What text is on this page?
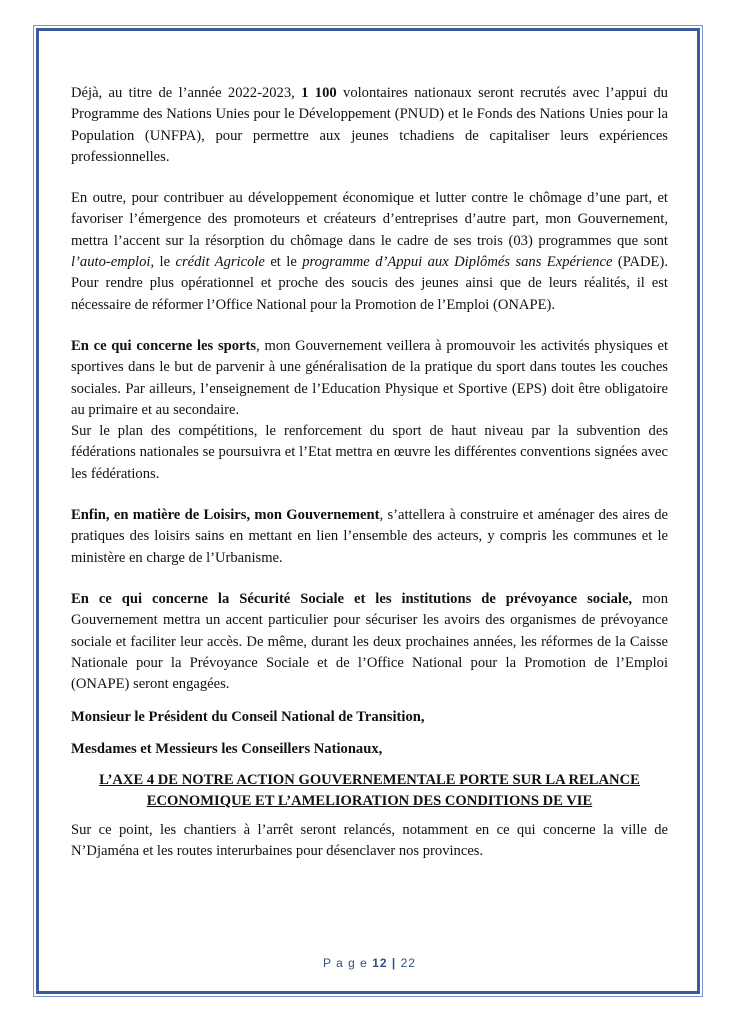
Déjà, au titre de l’année 2022-2023, 1 100 volontaires nationaux seront recrutés avec l’appui du Programme des Nations Unies pour le Développement (PNUD) et le Fonds des Nations Unies pour la Population (UNFPA), pour permettre aux jeunes tchadiens de capitaliser leurs expériences professionnelles.

En outre, pour contribuer au développement économique et lutter contre le chômage d’une part, et favoriser l’émergence des promoteurs et créateurs d’entreprises d’autre part, mon Gouvernement, mettra l’accent sur la résorption du chômage dans le cadre de ses trois (03) programmes que sont l’auto-emploi, le crédit Agricole et le programme d’Appui aux Diplômés sans Expérience (PADE). Pour rendre plus opérationnel et proche des soucis des jeunes ainsi que de leurs réalités, il est nécessaire de réformer l’Office National pour la Promotion de l’Emploi (ONAPE).

En ce qui concerne les sports, mon Gouvernement veillera à promouvoir les activités physiques et sportives dans le but de parvenir à une généralisation de la pratique du sport dans toutes les couches sociales. Par ailleurs, l’enseignement de l’Education Physique et Sportive (EPS) doit être obligatoire au primaire et au secondaire.

Sur le plan des compétitions, le renforcement du sport de haut niveau par la subvention des fédérations nationales se poursuivra et l’Etat mettra en œuvre les différentes conventions signées avec les fédérations.

Enfin, en matière de Loisirs, mon Gouvernement, s’attellera à construire et aménager des aires de pratiques des loisirs sains en mettant en lien l’ensemble des acteurs, y compris les communes et le ministère en charge de l’Urbanisme.

En ce qui concerne la Sécurité Sociale et les institutions de prévoyance sociale, mon Gouvernement mettra un accent particulier pour sécuriser les avoirs des organismes de prévoyance sociale et faciliter leur accès. De même, durant les deux prochaines années, les réformes de la Caisse Nationale pour la Prévoyance Sociale et de l’Office National pour la Promotion de l’Emploi (ONAPE) seront engagées.

Monsieur le Président du Conseil National de Transition,

Mesdames et Messieurs les Conseillers Nationaux,

L’AXE 4 DE NOTRE ACTION GOUVERNEMENTALE PORTE SUR LA RELANCE
ECONOMIQUE ET L’AMELIORATION DES CONDITIONS DE VIE

Sur ce point, les chantiers à l’arrêt seront relancés, notamment en ce qui concerne la ville de N’Djaména et les routes interurbaines pour désenclaver nos provinces.

P a g e 12 | 22
